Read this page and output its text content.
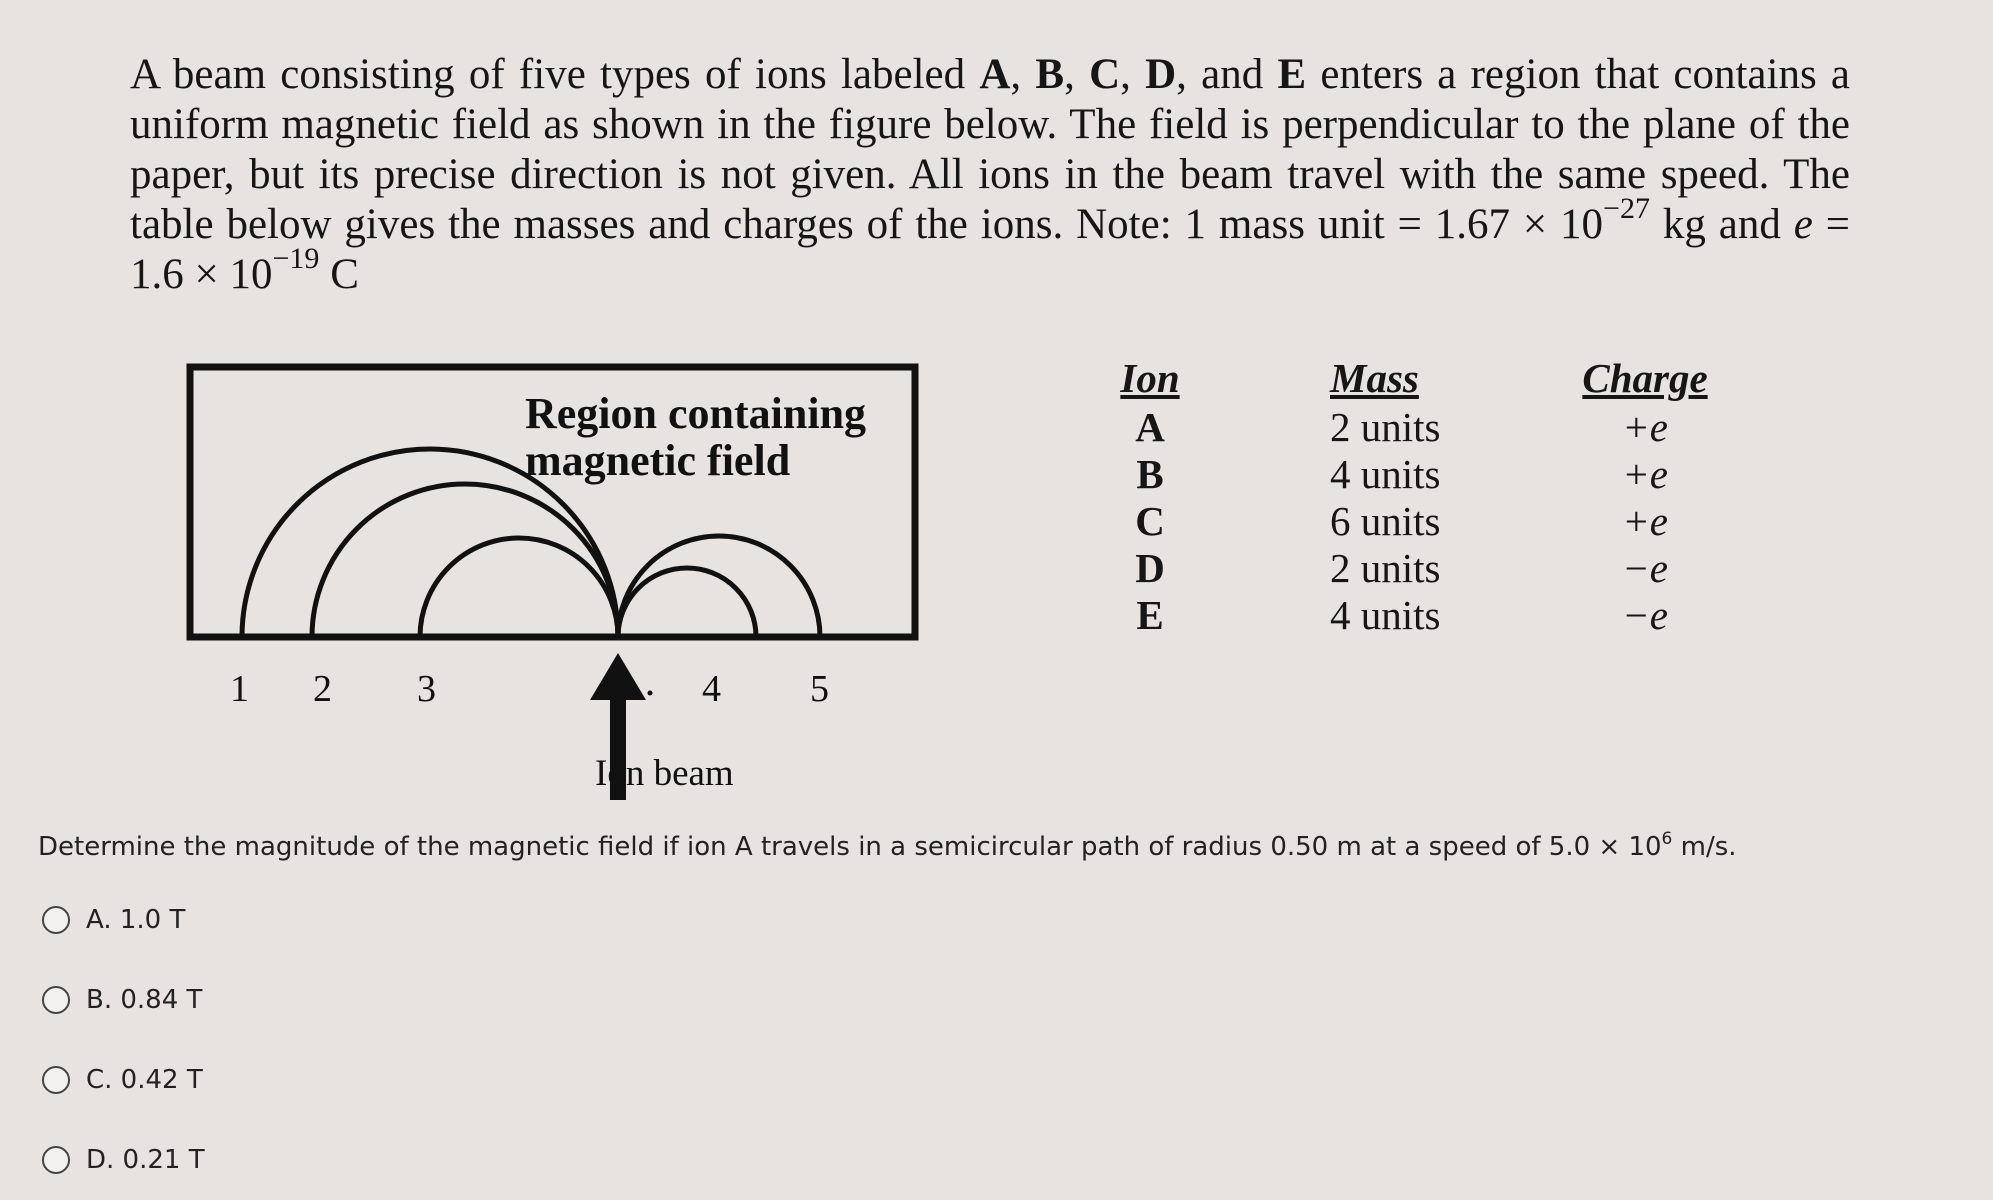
A beam consisting of five types of ions labeled A, B, C, D, and E enters a region that contains a uniform magnetic field as shown in the figure below. The field is perpendicular to the plane of the paper, but its precise direction is not given. All ions in the beam travel with the same speed. The table below gives the masses and charges of the ions. Note: 1 mass unit = $1.67 \times 10^{-27}$ kg and $e = 1.6 \times 10^{-19}$ C

Region containing
magnetic field
1 2 3	4 5
Ion beam
Ion
A
B
C
D
E
Mass
2 units
4 units
6 units
2 units
4 units
Charge
+e
+e
+e
−e
−e
Determine the magnitude of the magnetic field if ion A travels in a semicircular path of radius 0.50 m at a speed of $5.0 \times 10^6$ m/s.
A. 1.0 T
B. 0.84 T
C. 0.42 T
D. 0.21 T
